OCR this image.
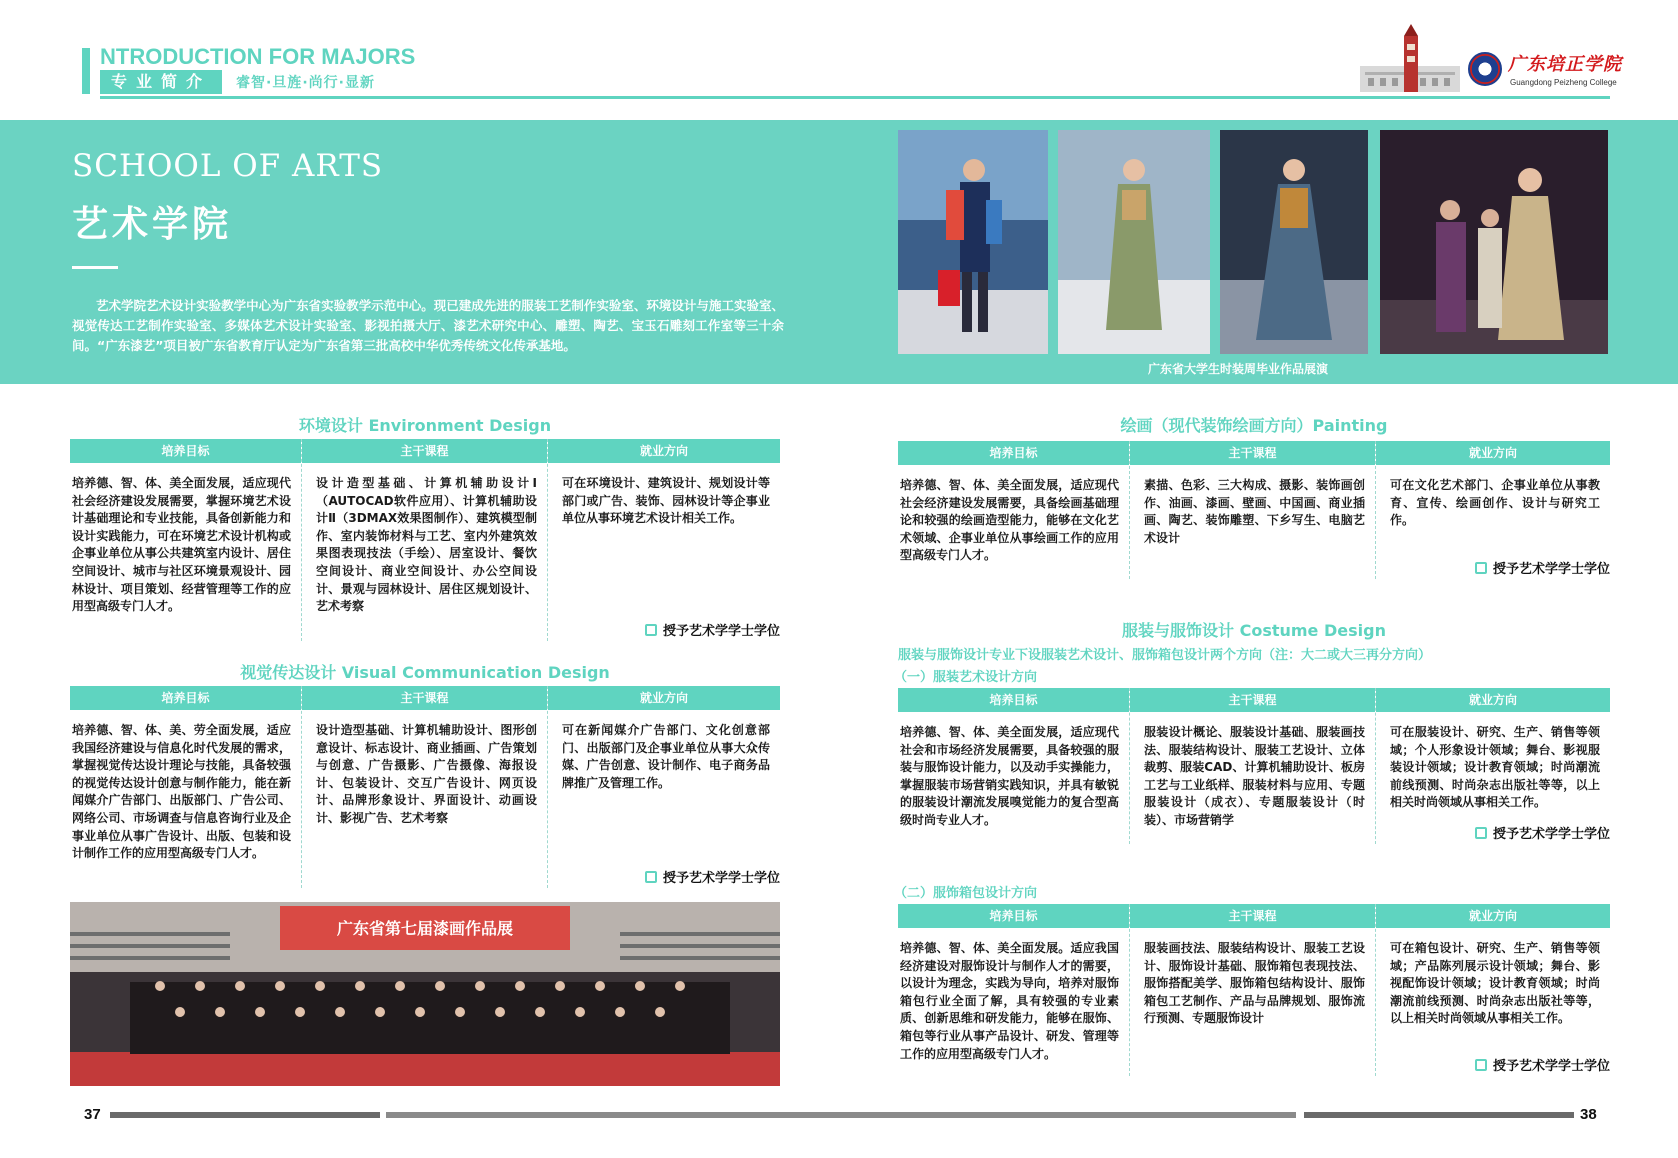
NTRODUCTION FOR MAJORS
专业简介	睿智·旦旌·尚行·显新
广东培正学院
Guangdong Peizheng College
SCHOOL OF ARTS
艺术学院
艺术学院艺术设计实验教学中心为广东省实验教学示范中心。现已建成先进的服装工艺制作实验室、环境设计与施工实验室、视觉传达工艺制作实验室、多媒体艺术设计实验室、影视拍摄大厅、漆艺术研究中心、雕塑、陶艺、宝玉石雕刻工作室等三十余间。“广东漆艺”项目被广东省教育厅认定为广东省第三批高校中华优秀传统文化传承基地。
广东省大学生时装周毕业作品展演
环境设计 Environment Design
培养目标
培养德、智、体、美全面发展，适应现代社会经济建设发展需要，掌握环境艺术设计基础理论和专业技能，具备创新能力和设计实践能力，可在环境艺术设计机构或企事业单位从事公共建筑室内设计、居住空间设计、城市与社区环境景观设计、园林设计、项目策划、经营管理等工作的应用型高级专门人才。
主干课程
设计造型基础、计算机辅助设计Ⅰ（AUTOCAD软件应用）、计算机辅助设计Ⅱ（3DMAX效果图制作）、建筑模型制作、室内装饰材料与工艺、室内外建筑效果图表现技法（手绘）、居室设计、餐饮空间设计、商业空间设计、办公空间设计、景观与园林设计、居住区规划设计、艺术考察
就业方向
可在环境设计、建筑设计、规划设计等部门或广告、装饰、园林设计等企事业单位从事环境艺术设计相关工作。
授予艺术学学士学位
视觉传达设计 Visual Communication Design
培养目标
培养德、智、体、美、劳全面发展，适应我国经济建设与信息化时代发展的需求，掌握视觉传达设计理论与技能，具备较强的视觉传达设计创意与制作能力，能在新闻媒介广告部门、出版部门、广告公司、网络公司、市场调查与信息咨询行业及企事业单位从事广告设计、出版、包装和设计制作工作的应用型高级专门人才。
主干课程
设计造型基础、计算机辅助设计、图形创意设计、标志设计、商业插画、广告策划与创意、广告摄影、广告摄像、海报设计、包装设计、交互广告设计、网页设计、品牌形象设计、界面设计、动画设计、影视广告、艺术考察
就业方向
可在新闻媒介广告部门、文化创意部门、出版部门及企事业单位从事大众传媒、广告创意、设计制作、电子商务品牌推广及管理工作。
授予艺术学学士学位
广东省第七届漆画作品展
绘画（现代装饰绘画方向）Painting
培养目标
培养德、智、体、美全面发展，适应现代社会经济建设发展需要，具备绘画基础理论和较强的绘画造型能力，能够在文化艺术领域、企事业单位从事绘画工作的应用型高级专门人才。
主干课程
素描、色彩、三大构成、摄影、装饰画创作、油画、漆画、壁画、中国画、商业插画、陶艺、装饰雕塑、下乡写生、电脑艺术设计
就业方向
可在文化艺术部门、企事业单位从事教育、宣传、绘画创作、设计与研究工作。
授予艺术学学士学位
服装与服饰设计 Costume Design
服装与服饰设计专业下设服装艺术设计、服饰箱包设计两个方向（注：大二或大三再分方向）
（一）服装艺术设计方向
培养目标
培养德、智、体、美全面发展，适应现代社会和市场经济发展需要，具备较强的服装与服饰设计能力，以及动手实操能力，掌握服装市场营销实践知识，并具有敏锐的服装设计潮流发展嗅觉能力的复合型高级时尚专业人才。
主干课程
服装设计概论、服装设计基础、服装画技法、服装结构设计、服装工艺设计、立体裁剪、服装CAD、计算机辅助设计、板房工艺与工业纸样、服装材料与应用、专题服装设计（成衣）、专题服装设计（时装）、市场营销学
就业方向
可在服装设计、研究、生产、销售等领域；个人形象设计领域；舞台、影视服装设计领域；设计教育领域；时尚潮流前线预测、时尚杂志出版社等等，以上相关时尚领域从事相关工作。
授予艺术学学士学位
（二）服饰箱包设计方向
培养目标
培养德、智、体、美全面发展。适应我国经济建设对服饰设计与制作人才的需要，以设计为理念，实践为导向，培养对服饰箱包行业全面了解，具有较强的专业素质、创新思维和研发能力，能够在服饰、箱包等行业从事产品设计、研发、管理等工作的应用型高级专门人才。
主干课程
服装画技法、服装结构设计、服装工艺设计、服饰设计基础、服饰箱包表现技法、服饰搭配美学、服饰箱包结构设计、服饰箱包工艺制作、产品与品牌规划、服饰流行预测、专题服饰设计
就业方向
可在箱包设计、研究、生产、销售等领域；产品陈列展示设计领域；舞台、影视配饰设计领域；设计教育领域；时尚潮流前线预测、时尚杂志出版社等等，以上相关时尚领域从事相关工作。
授予艺术学学士学位
37	38
